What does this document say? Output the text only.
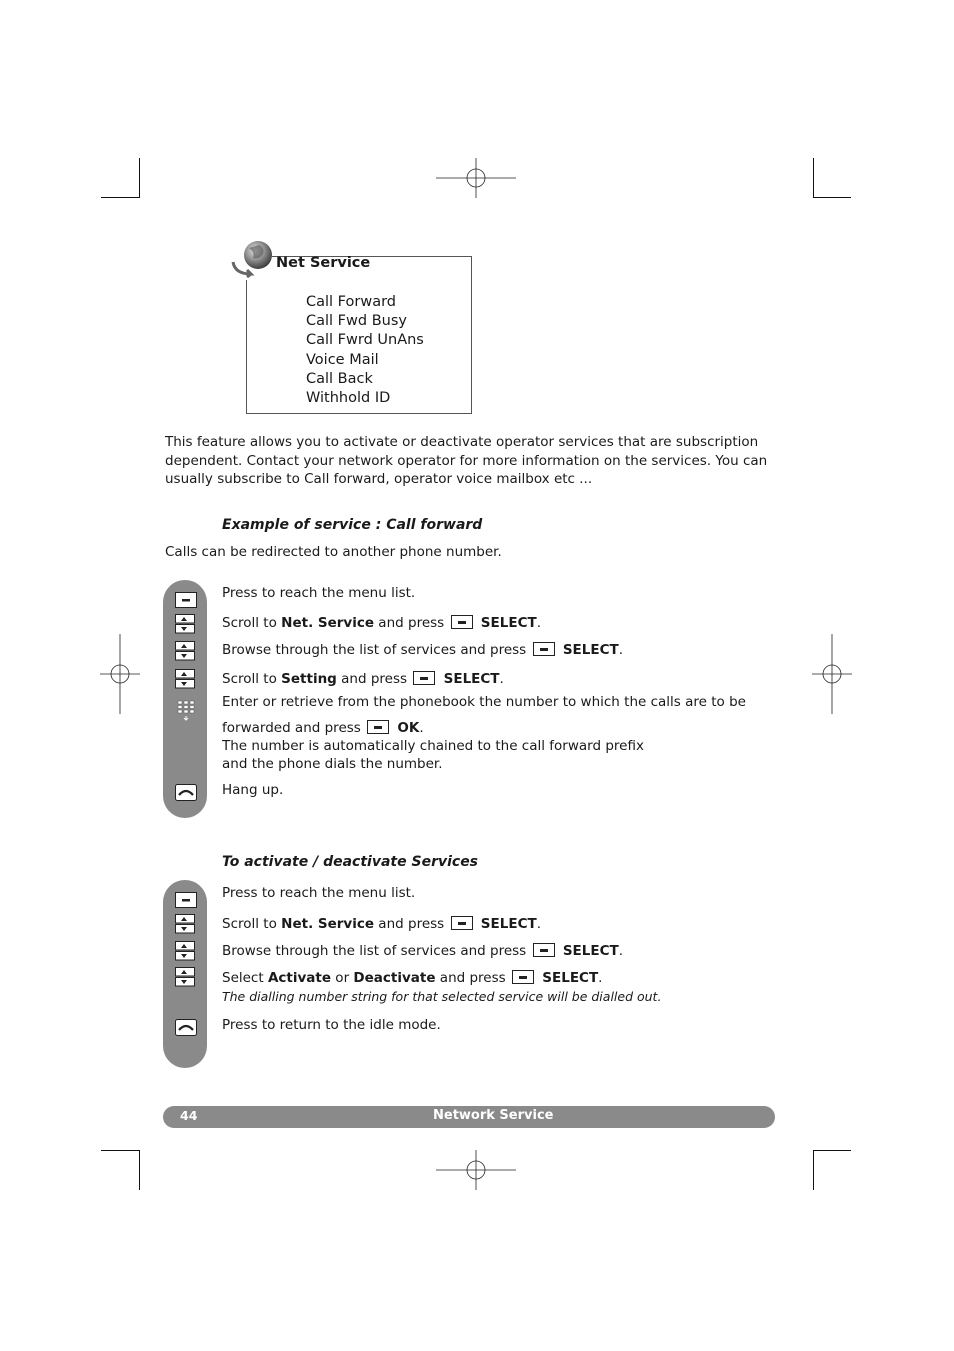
Net Service
Call Forward
Call Fwd Busy
Call Fwrd UnAns
Voice Mail
Call Back
Withhold ID
This feature allows you to activate or deactivate operator services that are subscription
dependent. Contact your network operator for more information on the services. You can
usually subscribe to Call forward, operator voice mailbox etc ...
Example of service : Call forward
Calls can be redirected to another phone number.
Press to reach the menu list.
Scroll to Net. Service and press	SELECT.
Browse through the list of services and press	SELECT.
Scroll to Setting and press	SELECT.
Enter or retrieve from the phonebook the number to which the calls are to be
forwarded and press	OK.
The number is automatically chained to the call forward prefix
and the phone dials the number.
Hang up.
To activate / deactivate Services
Press to reach the menu list.
Scroll to Net. Service and press	SELECT.
Browse through the list of services and press	SELECT.
Select Activate or Deactivate and press	SELECT.
The dialling number string for that selected service will be dialled out.
Press to return to the idle mode.
44	Network Service
